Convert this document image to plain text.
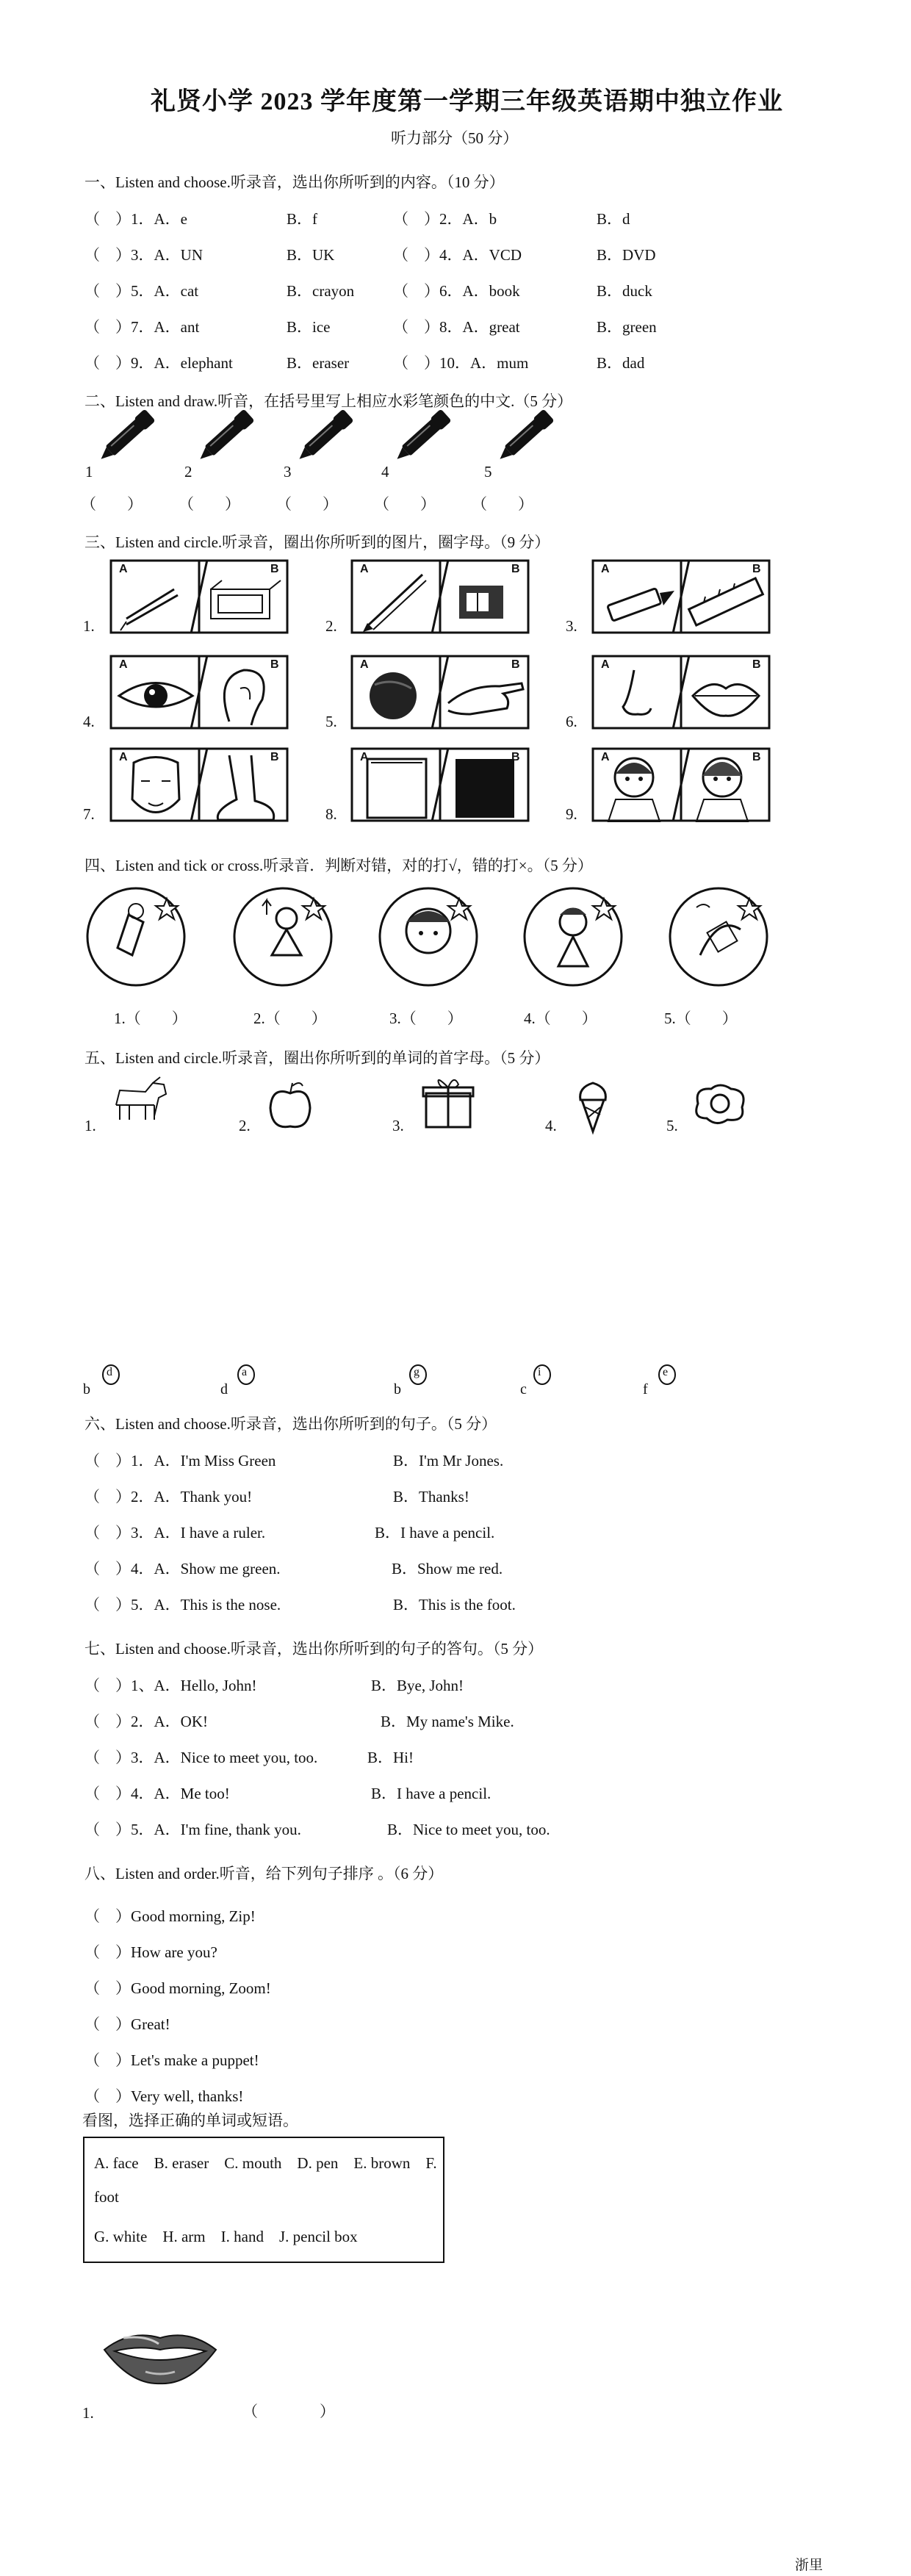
礼贤小学 2023 学年度第一学期三年级英语期中独立作业
听力部分（50 分）
一、Listen and choose.听录音，选出你所听到的内容。（10 分）
（　）1．A．e	B．f	（　）2．A．b	B．d
（　）3．A．UN	B．UK	（　）4．A．VCD	B．DVD
（　）5．A．cat	B．crayon	（　）6．A．book	B．duck
（　）7．A．ant	B．ice	（　）8．A．great	B．green
（　）9．A．elephant	B．eraser	（　）10．A．mum	B．dad
二、Listen and draw.听音，在括号里写上相应水彩笔颜色的中文.（5 分）
1
（　　）
2
（　　）
3
（　　）
4
（　　）
5
（　　）
三、Listen and circle.听录音，圈出你所听到的图片，圈字母。（9 分）
A	B
1.
A	B
2.
A	B
3.
A	B
4.
A	B
5.
A	B
6.
A	B
7.
A	B
8.
A	B
9.
四、Listen and tick or cross.听录音．判断对错，对的打√，错的打×。（5 分）
1.（　　）	2.（　　）	3.（　　）	4.（　　）	5.（　　）
五、Listen and circle.听录音，圈出你所听到的单词的首字母。（5 分）
1.	2.	3.	4.	5.
b
d
d
a
b
g
c
i
f
e
六、Listen and choose.听录音，选出你所听到的句子。（5 分）
（　）1．A．I'm Miss Green	B．I'm Mr Jones.
（　）2．A．Thank you!	B．Thanks!
（　）3．A．I have a ruler.	B．I have a pencil.
（　）4．A．Show me green.	B．Show me red.
（　）5．A．This is the nose.	B．This is the foot.
七、Listen and choose.听录音，选出你所听到的句子的答句。（5 分）
（　）1、A．Hello, John!	B．Bye, John!
（　）2．A．OK!	B．My name's Mike.
（　）3．A．Nice to meet you, too.	B．Hi!
（　）4．A．Me too!	B．I have a pencil.
（　）5．A．I'm fine, thank you.	B．Nice to meet you, too.
八、Listen and order.听音，给下列句子排序 。（6 分）
（　）Good morning, Zip!
（　）How are you?
（　）Good morning, Zoom!
（　）Great!
（　）Let's make a puppet!
（　）Very well, thanks!
看图，选择正确的单词或短语。
A. face　B. eraser　C. mouth　D. pen　E. brown　F.
foot
G. white　H. arm　I. hand　J. pencil box
1.	（　　　　）
浙里
